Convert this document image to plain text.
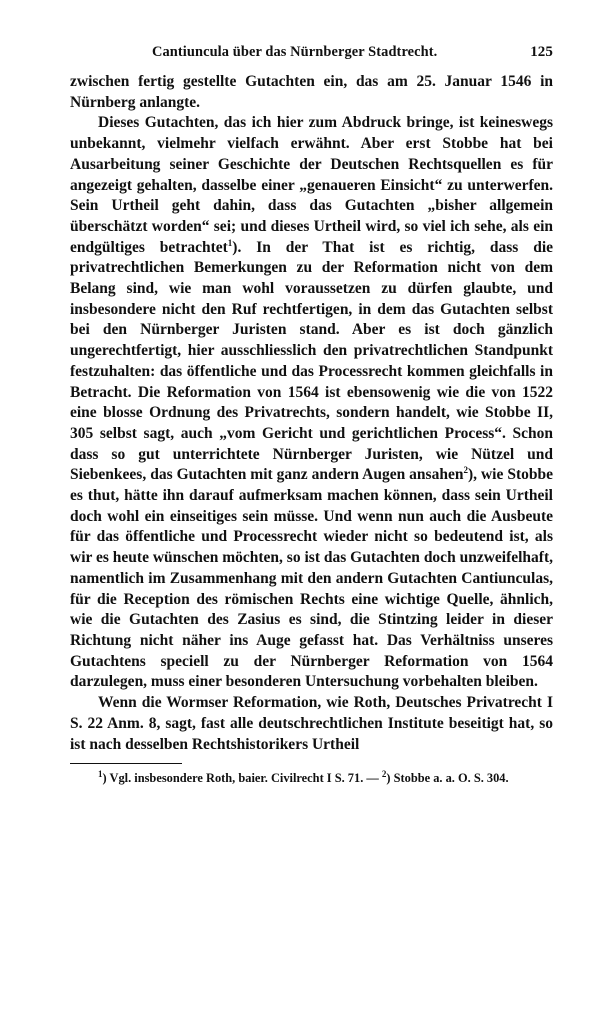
Cantiuncula über das Nürnberger Stadtrecht.	125

zwischen fertig gestellte Gutachten ein, das am 25. Januar 1546 in Nürnberg anlangte.

Dieses Gutachten, das ich hier zum Abdruck bringe, ist keineswegs unbekannt, vielmehr vielfach erwähnt. Aber erst Stobbe hat bei Ausarbeitung seiner Geschichte der Deutschen Rechtsquellen es für angezeigt gehalten, dasselbe einer „genaueren Einsicht“ zu unterwerfen. Sein Urtheil geht dahin, dass das Gutachten „bisher allgemein überschätzt worden“ sei; und dieses Urtheil wird, so viel ich sehe, als ein endgültiges betrachtet$^1$). In der That ist es richtig, dass die privatrechtlichen Bemerkungen zu der Reformation nicht von dem Belang sind, wie man wohl voraussetzen zu dürfen glaubte, und insbesondere nicht den Ruf rechtfertigen, in dem das Gutachten selbst bei den Nürnberger Juristen stand. Aber es ist doch gänzlich ungerechtfertigt, hier ausschliesslich den privatrechtlichen Standpunkt festzuhalten: das öffentliche und das Processrecht kommen gleichfalls in Betracht. Die Reformation von 1564 ist ebensowenig wie die von 1522 eine blosse Ordnung des Privatrechts, sondern handelt, wie Stobbe II, 305 selbst sagt, auch „vom Gericht und gerichtlichen Process“. Schon dass so gut unterrichtete Nürnberger Juristen, wie Nützel und Siebenkees, das Gutachten mit ganz andern Augen ansahen$^2$), wie Stobbe es thut, hätte ihn darauf aufmerksam machen können, dass sein Urtheil doch wohl ein einseitiges sein müsse. Und wenn nun auch die Ausbeute für das öffentliche und Processrecht wieder nicht so bedeutend ist, als wir es heute wünschen möchten, so ist das Gutachten doch unzweifelhaft, namentlich im Zusammenhang mit den andern Gutachten Cantiunculas, für die Reception des römischen Rechts eine wichtige Quelle, ähnlich, wie die Gutachten des Zasius es sind, die Stintzing leider in dieser Richtung nicht näher ins Auge gefasst hat. Das Verhältniss unseres Gutachtens speciell zu der Nürnberger Reformation von 1564 darzulegen, muss einer besonderen Untersuchung vorbehalten bleiben.

Wenn die Wormser Reformation, wie Roth, Deutsches Privatrecht I S. 22 Anm. 8, sagt, fast alle deutschrechtlichen Institute beseitigt hat, so ist nach desselben Rechtshistorikers Urtheil

$^1$) Vgl. insbesondere Roth, baier. Civilrecht I S. 71. — $^2$) Stobbe a. a. O. S. 304.
